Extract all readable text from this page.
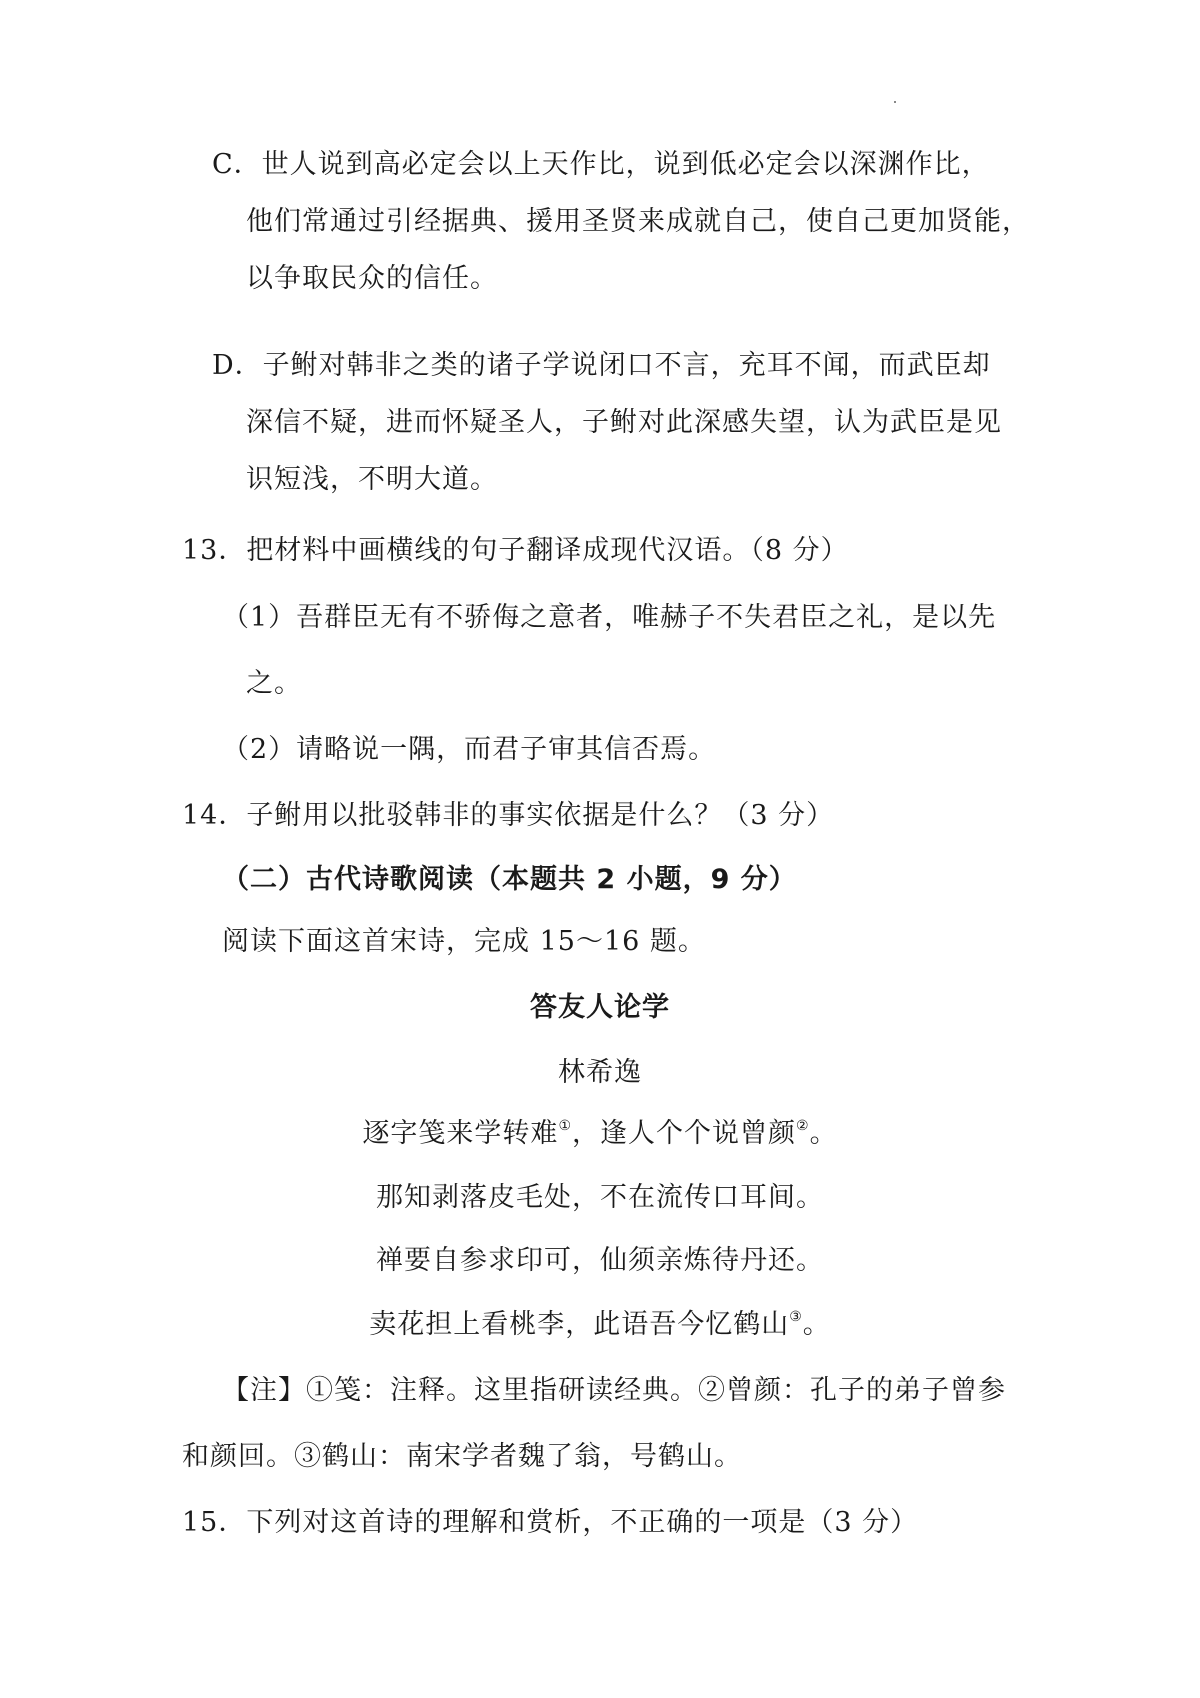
C．世人说到高必定会以上天作比，说到低必定会以深渊作比，
他们常通过引经据典、援用圣贤来成就自己，使自己更加贤能，
以争取民众的信任。
D．子鲋对韩非之类的诸子学说闭口不言，充耳不闻，而武臣却
深信不疑，进而怀疑圣人，子鲋对此深感失望，认为武臣是见
识短浅，不明大道。
13．把材料中画横线的句子翻译成现代汉语。（8 分）
（1）吾群臣无有不骄侮之意者，唯赫子不失君臣之礼，是以先
之。
（2）请略说一隅，而君子审其信否焉。
14．子鲋用以批驳韩非的事实依据是什么？（3 分）
（二）古代诗歌阅读（本题共 2 小题，9 分）
阅读下面这首宋诗，完成 15～16 题。
答友人论学
林希逸
逐字笺来学转难①，逢人个个说曾颜②。
那知剥落皮毛处，不在流传口耳间。
禅要自参求印可，仙须亲炼待丹还。
卖花担上看桃李，此语吾今忆鹤山③。
【注】①笺：注释。这里指研读经典。②曾颜：孔子的弟子曾参
和颜回。③鹤山：南宋学者魏了翁，号鹤山。
15．下列对这首诗的理解和赏析，不正确的一项是（3 分）
